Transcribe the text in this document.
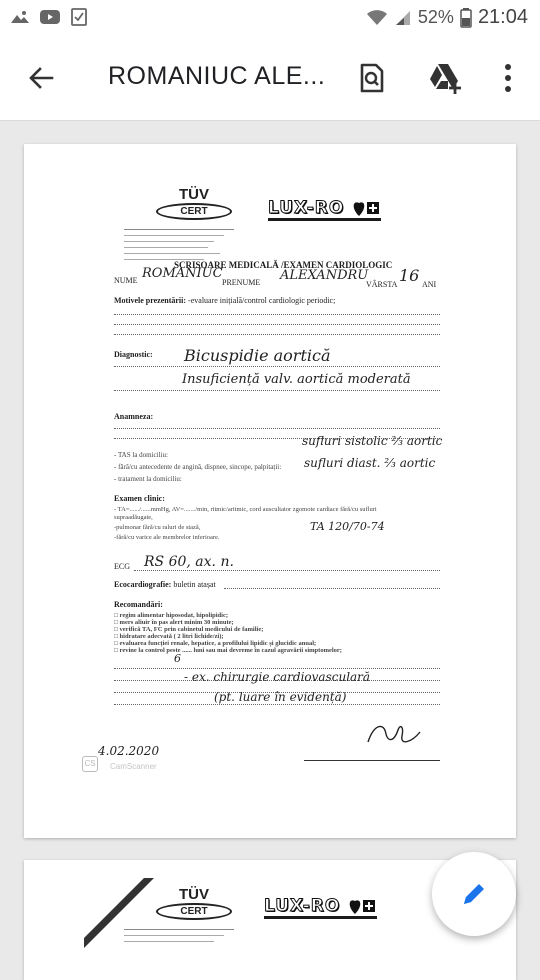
52% 21:04
ROMANIUC ALE...
TÜV
CERT	LUX-RO
SCRISOARE MEDICALĂ /EXAMEN CARDIOLOGIC
NUME ROMANIUC
PRENUME ALEXANDRU
VÂRSTA 16 ANI
Motivele prezentării: -evaluare inițială/control cardiologic periodic;
Diagnostic: Bicuspidie aortică
Insuficiență valv. aortică moderată
Anamneza:
sufluri sistolic ⅔ aortic
sufluri diast. ⅔ aortic
- TAS la domiciliu:
- fără/cu antecedente de angină, dispnee, sincope, palpitații:
- tratament la domiciliu:
Examen clinic:
- TA=....../......mmHg, AV=......./min, ritmic/aritmic, cord auscultator zgomote cardiace fără/cu sufluri
supraadăugate,
-pulmonar fără/cu raluri de stază,
-fără/cu varice ale membrelor inferioare.
TA 120/70-74
ECG RS 60, ax. n.
Ecocardiografie: buletin atașat
Recomandări:
□ regim alimentar hiposodat, hipolipidic;
□ mers aliuir în pas alert minim 30 minute;
□ verifică TA, FC prin cabinetul medicului de familie;
□ hidratare adecvată ( 2 litri lichide/zi);
□ evaluarea funcției renale, hepatice, a profilului lipidic și glucidic anual;
□ revine la control peste ...... luni sau mai devreme în cazul agravării simptomelor;
6
- ex. chirurgie cardiovasculară
(pt. luare în evidență)
4.02.2020
CS	CamScanner
TÜV
CERT	LUX-RO
